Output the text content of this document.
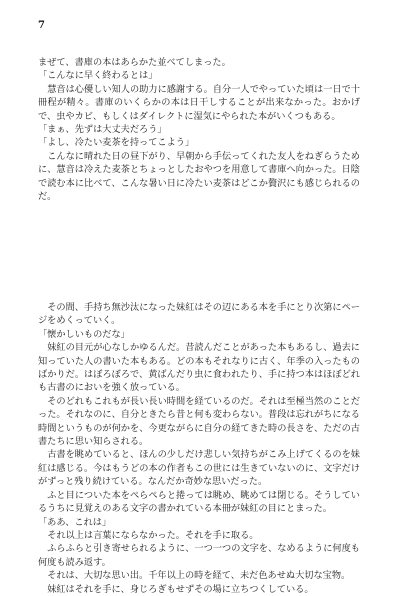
7

まぜて、書庫の本はあらかた並べてしまった。

「こんなに早く終わるとは」

慧音は心優しい知人の助力に感謝する。自分一人でやっていた頃は一日で十冊程が精々。書庫のいくらかの本は日干しすることが出来なかった。おかげで、虫やカビ、もしくはダイレクトに湿気にやられた本がいくつもある。

「まぁ、先ずは大丈夫だろう」

「よし、冷たい麦茶を持ってこよう」

こんなに晴れた日の昼下がり、早朝から手伝ってくれた友人をねぎらうために、慧音は冷えた麦茶とちょっとしたおやつを用意して書庫へ向かった。日陰で読む本に比べて、こんな暑い日に冷たい麦茶はどこか贅沢にも感じられるのだ。

その間、手持ち無沙汰になった妹紅はその辺にある本を手にとり次第にページをめくっていく。

「懐かしいものだな」

妹紅の目元が心なしかゆるんだ。昔読んだことがあった本もあるし、過去に知っていた人の書いた本もある。どの本もそれなりに古く、年季の入ったものばかりだ。はぼろぼろで、黄ばんだり虫に食われたり、手に持つ本はほぼどれも古書のにおいを強く放っている。

そのどれもこれもが長い長い時間を経ているのだ。それは至極当然のことだった。それなのに、自分ときたら昔と何も変わらない。普段は忘れがちになる時間というものが何かを、今更ながらに自分の経てきた時の長さを、ただの古書たちに思い知らされる。

古書を眺めていると、ほんの少しだけ悲しい気持ちがこみ上げてくるのを妹紅は感じる。今はもうどの本の作者もこの世には生きていないのに、文字だけがずっと残り続けている。なんだか奇妙な思いだった。

ふと目についた本をぺらぺらと捲っては眺め、眺めては閉じる。そうしているうちに見覚えのある文字の書かれている本冊が妹紅の目にとまった。

「ああ、これは」

それ以上は言葉にならなかった。それを手に取る。

ふらふらと引き寄せられるように、一つ一つの文字を、なめるように何度も何度も読み返す。

それは、大切な思い出。千年以上の時を経て、未だ色あせぬ大切な宝物。

妹紅はそれを手に、身じろぎもせずその場に立ちつくしている。
